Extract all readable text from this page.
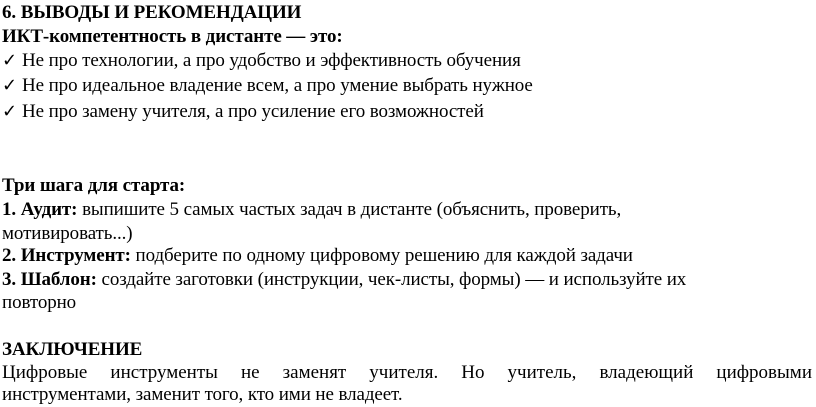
6. ВЫВОДЫ И РЕКОМЕНДАЦИИ
ИКТ-компетентность в дистанте — это:
✓ Не про технологии, а про удобство и эффективность обучения
✓ Не про идеальное владение всем, а про умение выбрать нужное
✓ Не про замену учителя, а про усиление его возможностей
Три шага для старта:
1. Аудит: выпишите 5 самых частых задач в дистанте (объяснить, проверить,
мотивировать...)
2. Инструмент: подберите по одному цифровому решению для каждой задачи
3. Шаблон: создайте заготовки (инструкции, чек-листы, формы) — и используйте их
повторно
ЗАКЛЮЧЕНИЕ
Цифровые инструменты не заменят учителя. Но учитель, владеющий цифровыми
инструментами, заменит того, кто ими не владеет.
